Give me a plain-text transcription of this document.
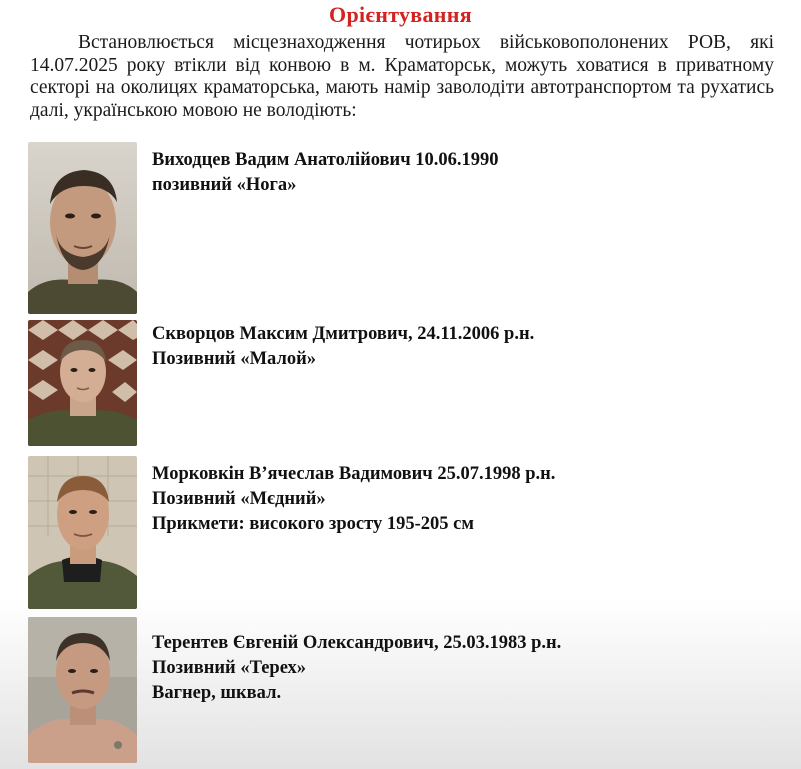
Орієнтування
Встановлюється місцезнаходження чотирьох військовополонених РОВ, які 14.07.2025 року втікли від конвою в м. Краматорськ, можуть ховатися в приватному секторі на околицях краматорська, мають намір заволодіти автотранспортом та рухатись далі, українською мовою не володіють:
Виходцев Вадим Анатолійович 10.06.1990
позивний «Нога»
Скворцов Максим Дмитрович, 24.11.2006 р.н.
Позивний «Малой»
Морковкін В’ячеслав Вадимович 25.07.1998 р.н.
Позивний «Мєдний»
Прикмети: високого зросту 195-205 см
Терентев Євгеній Олександрович, 25.03.1983 р.н.
Позивний «Терех»
Вагнер, шквал.
